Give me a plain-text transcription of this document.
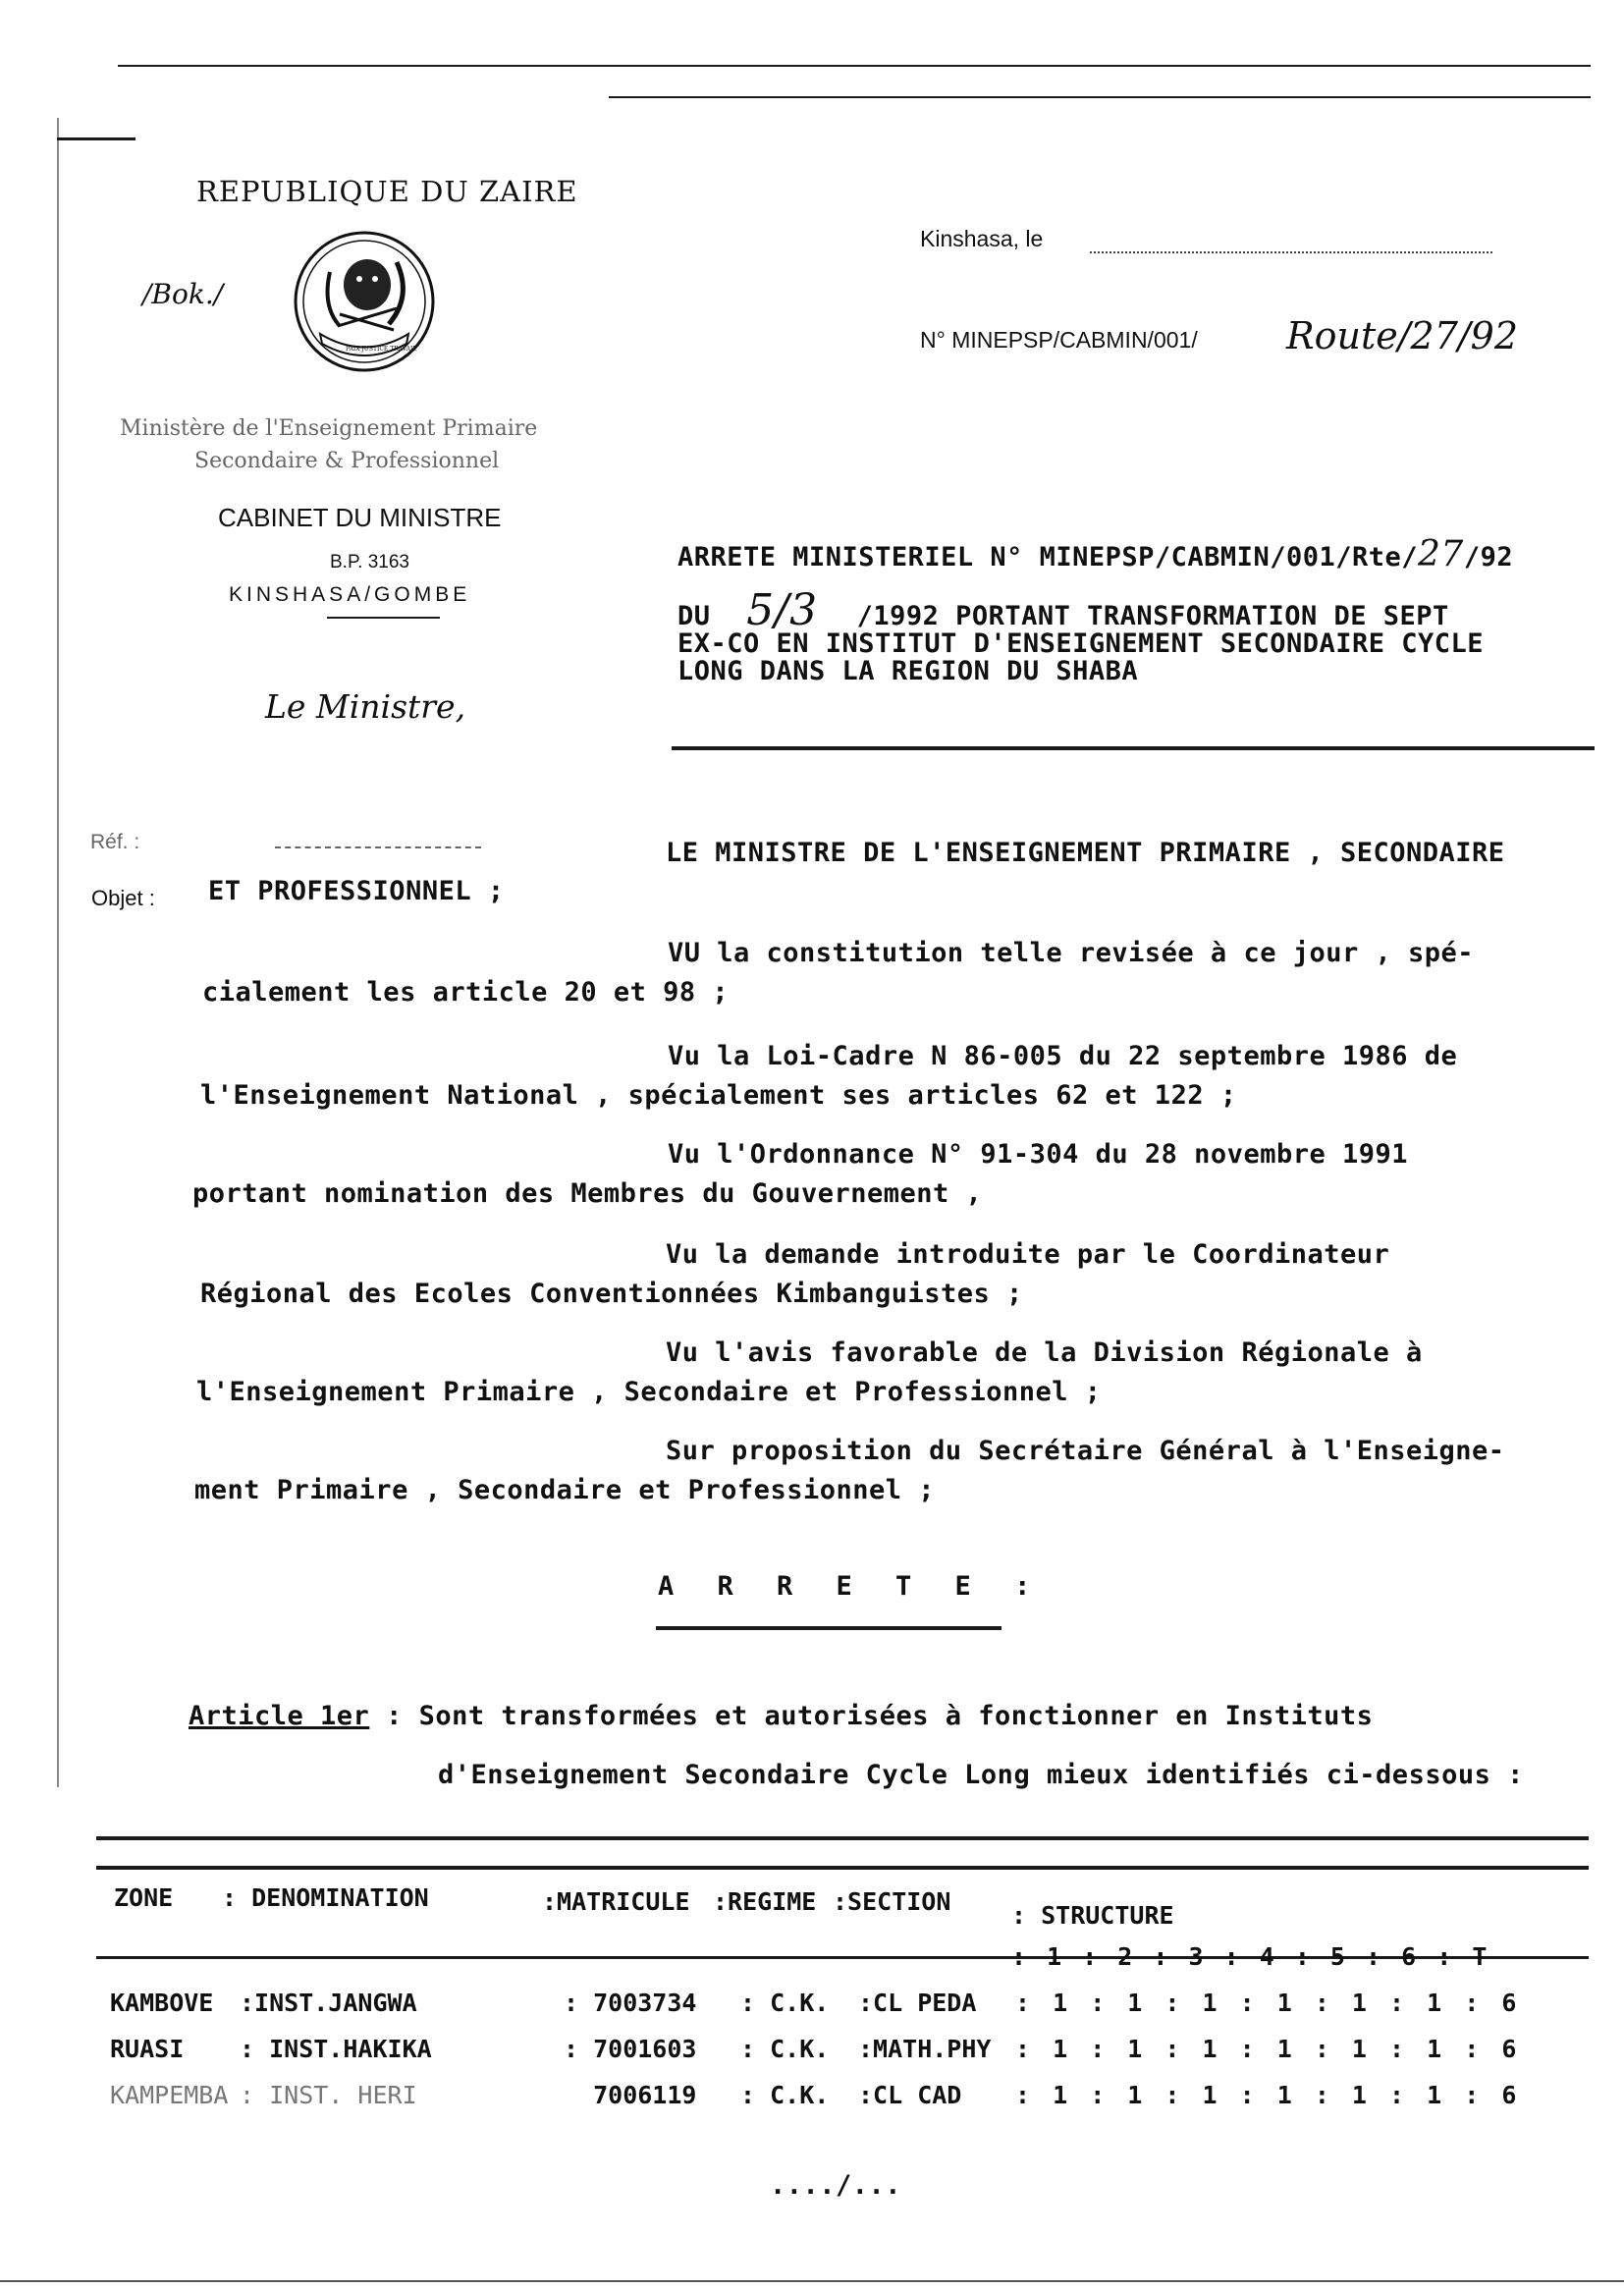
REPUBLIQUE DU ZAIRE
/Bok./
PAIX JUSTICE TRAVAIL
Ministère de l'Enseignement Primaire
Secondaire & Professionnel
CABINET DU MINISTRE
B.P. 3163
KINSHASA/GOMBE
Le Ministre,
Kinshasa, le
N° MINEPSP/CABMIN/001/ Route/27/92
ARRETE MINISTERIEL N° MINEPSP/CABMIN/001/Rte/27/92
DU 5/3 /1992 PORTANT TRANSFORMATION DE SEPT
EX-CO EN INSTITUT D'ENSEIGNEMENT SECONDAIRE CYCLE
LONG DANS LA REGION DU SHABA
Réf. :
Objet :
LE MINISTRE DE L'ENSEIGNEMENT PRIMAIRE , SECONDAIRE
ET PROFESSIONNEL ;
VU la constitution telle revisée à ce jour , spé-
cialement les article 20 et 98 ;
Vu la Loi-Cadre N 86-005 du 22 septembre 1986 de
l'Enseignement National , spécialement ses articles 62 et 122 ;
Vu l'Ordonnance N° 91-304 du 28 novembre 1991
portant nomination des Membres du Gouvernement ,
Vu la demande introduite par le Coordinateur
Régional des Ecoles Conventionnées Kimbanguistes ;
Vu l'avis favorable de la Division Régionale à
l'Enseignement Primaire , Secondaire et Professionnel ;
Sur proposition du Secrétaire Général à l'Enseigne-
ment Primaire , Secondaire et Professionnel ;
A R R E T E :
Article 1er : Sont transformées et autorisées à fonctionner en Instituts
d'Enseignement Secondaire Cycle Long mieux identifiés ci-dessous :
ZONE : DENOMINATION	:MATRICULE :REGIME :SECTION : STRUCTURE
: 1 : 2 : 3 : 4 : 5 : 6 : T
KAMBOVE	:INST.JANGWA	: 7003734	: C.K.	:CL PEDA	: 1 : 1 : 1 : 1 : 1 : 1 : 6
RUASI	: INST.HAKIKA	: 7001603	: C.K.	:MATH.PHY	: 1 : 1 : 1 : 1 : 1 : 1 : 6
KAMPEMBA	: INST. HERI	7006119	: C.K.	:CL CAD	: 1 : 1 : 1 : 1 : 1 : 1 : 6
..../...
